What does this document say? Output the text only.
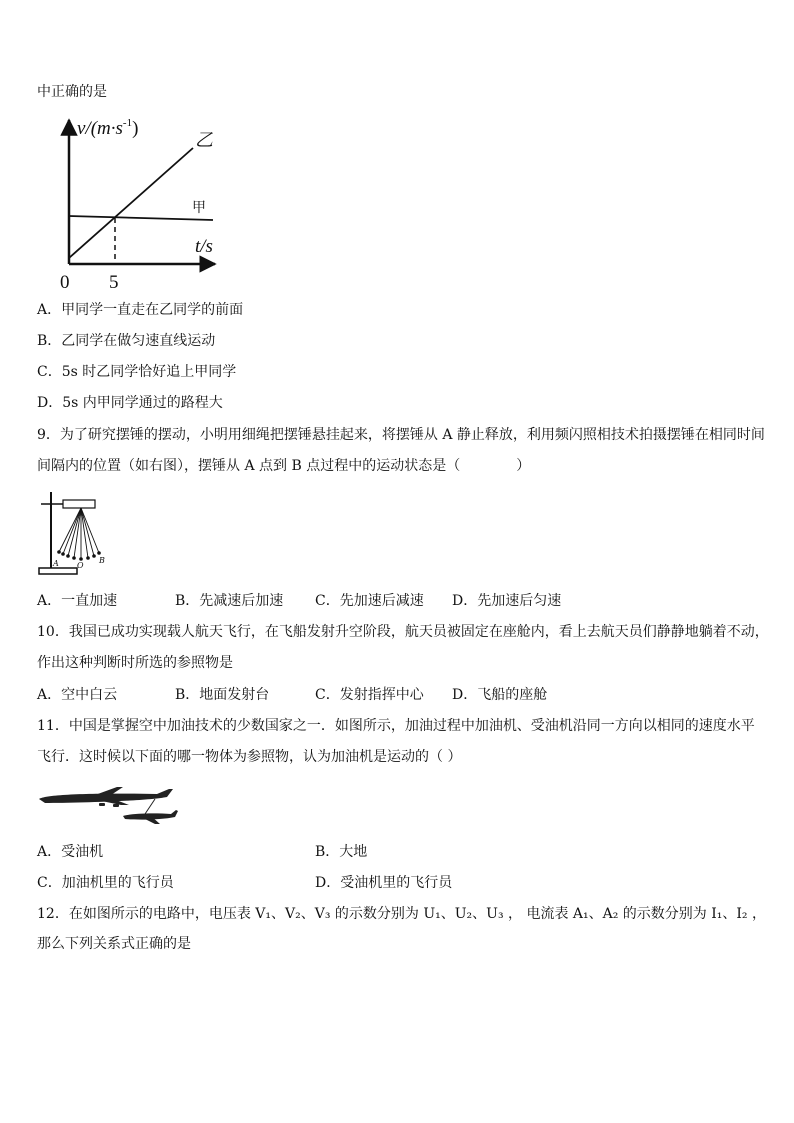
中正确的是
$v/(m\cdot s^{-1})$
t/s
0 5
乙
甲
A．甲同学一直走在乙同学的前面
B．乙同学在做匀速直线运动
C．5s 时乙同学恰好追上甲同学
D．5s 内甲同学通过的路程大
9．为了研究摆锤的摆动，小明用细绳把摆锤悬挂起来，将摆锤从 A 静止释放，利用频闪照相技术拍摄摆锤在相同时间
间隔内的位置（如右图），摆锤从 A 点到 B 点过程中的运动状态是（　　　　）
A O
B
A．一直加速	B．先减速后加速 C．先加速后减速 D．先加速后匀速
10．我国已成功实现载人航天飞行，在飞船发射升空阶段，航天员被固定在座舱内，看上去航天员们静静地躺着不动，
作出这种判断时所选的参照物是
A．空中白云	B．地面发射台	C．发射指挥中心 D．飞船的座舱
11．中国是掌握空中加油技术的少数国家之一．如图所示，加油过程中加油机、受油机沿同一方向以相同的速度水平
飞行．这时候以下面的哪一物体为参照物，认为加油机是运动的（ ）
A．受油机	B．大地
C．加油机里的飞行员	D．受油机里的飞行员
12．在如图所示的电路中，电压表 V₁、V₂、V₃ 的示数分别为 U₁、U₂、U₃ ， 电流表 A₁、A₂ 的示数分别为 I₁、I₂ ，
那么下列关系式正确的是
